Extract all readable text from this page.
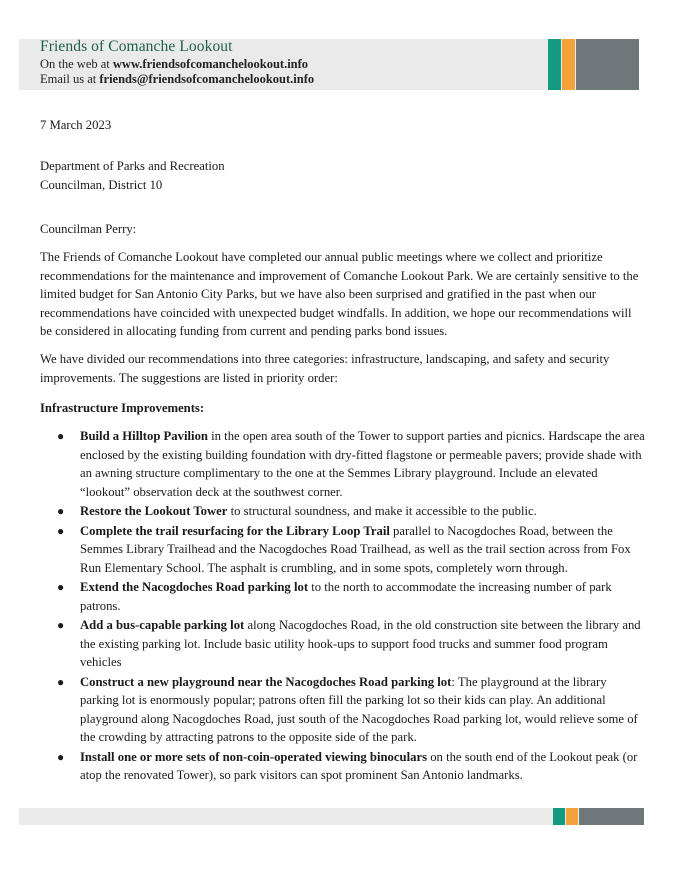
Friends of Comanche Lookout
On the web at www.friendsofcomanchelookout.info
Email us at friends@friendsofcomanchelookout.info
7 March 2023
Department of Parks and Recreation
Councilman, District 10
Councilman Perry:
The Friends of Comanche Lookout have completed our annual public meetings where we collect and prioritize recommendations for the maintenance and improvement of Comanche Lookout Park. We are certainly sensitive to the limited budget for San Antonio City Parks, but we have also been surprised and gratified in the past when our recommendations have coincided with unexpected budget windfalls. In addition, we hope our recommendations will be considered in allocating funding from current and pending parks bond issues.
We have divided our recommendations into three categories: infrastructure, landscaping, and safety and security improvements. The suggestions are listed in priority order:
Infrastructure Improvements:
● Build a Hilltop Pavilion in the open area south of the Tower to support parties and picnics. Hardscape the area enclosed by the existing building foundation with dry-fitted flagstone or permeable pavers; provide shade with an awning structure complimentary to the one at the Semmes Library playground. Include an elevated “lookout” observation deck at the southwest corner.
● Restore the Lookout Tower to structural soundness, and make it accessible to the public.
● Complete the trail resurfacing for the Library Loop Trail parallel to Nacogdoches Road, between the Semmes Library Trailhead and the Nacogdoches Road Trailhead, as well as the trail section across from Fox Run Elementary School. The asphalt is crumbling, and in some spots, completely worn through.
● Extend the Nacogdoches Road parking lot to the north to accommodate the increasing number of park patrons.
● Add a bus-capable parking lot along Nacogdoches Road, in the old construction site between the library and the existing parking lot. Include basic utility hook-ups to support food trucks and summer food program vehicles
● Construct a new playground near the Nacogdoches Road parking lot: The playground at the library parking lot is enormously popular; patrons often fill the parking lot so their kids can play. An additional playground along Nacogdoches Road, just south of the Nacogdoches Road parking lot, would relieve some of the crowding by attracting patrons to the opposite side of the park.
● Install one or more sets of non-coin-operated viewing binoculars on the south end of the Lookout peak (or atop the renovated Tower), so park visitors can spot prominent San Antonio landmarks.
